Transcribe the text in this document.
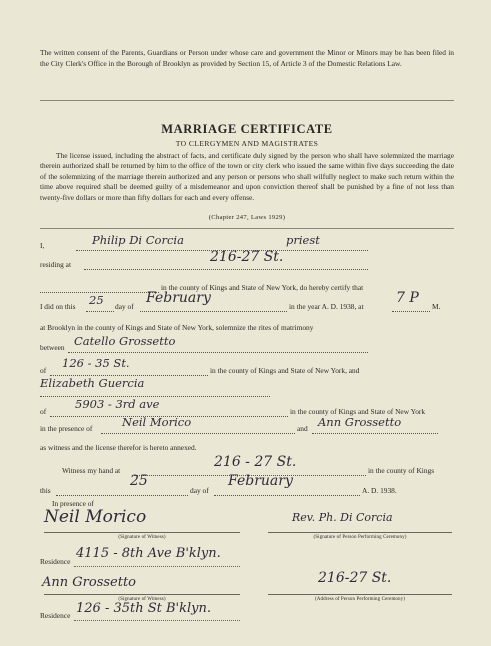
The written consent of the Parents, Guardians or Person under whose care and government the Minor or Minors may be has been filed in the City Clerk's Office in the Borough of Brooklyn as provided by Section 15, of Article 3 of the Domestic Relations Law.
MARRIAGE CERTIFICATE
TO CLERGYMEN AND MAGISTRATES
The license issued, including the abstract of facts, and certificate duly signed by the person who shall have solemnized the marriage therein authorized shall be returned by him to the office of the town or city clerk who issued the same within five days succeeding the date of the solemnizing of the marriage therein authorized and any person or persons who shall wilfully neglect to make such return within the time above required shall be deemed guilty of a misdemeanor and upon conviction thereof shall be punished by a fine of not less than twenty-five dollars or more than fifty dollars for each and every offense.
(Chapter 247, Laws 1929)
I,	Philip Di Corcia	priest
residing at	216-27 St.
in the county of Kings and State of New York, do hereby certify that
I did on this 25 day of
February
in the year A. D. 1938, at
7 P
M.
at Brooklyn in the county of Kings and State of New York, solemnize the rites of matrimony
between Catello Grossetto
of
126 - 35 St.
in the county of Kings and State of New York, and
Elizabeth Guercia
of
5903 - 3rd ave
in the county of Kings and State of New York
in the presence of	Neil Morico	and Ann Grossetto
as witness and the license therefor is hereto annexed.
Witness my hand at
216 - 27 St.
in the county of Kings
this
25
day of
February
A. D. 1938.
In presence of
Neil Morico	Rev. Ph. Di Corcia
(Signature of Witness)	(Signature of Person Performing Ceremony)
Residence
4115 - 8th Ave B'klyn.
Ann Grossetto	216-27 St.
(Signature of Witness)	(Address of Person Performing Ceremony)
Residence 126 - 35th St B'klyn.
